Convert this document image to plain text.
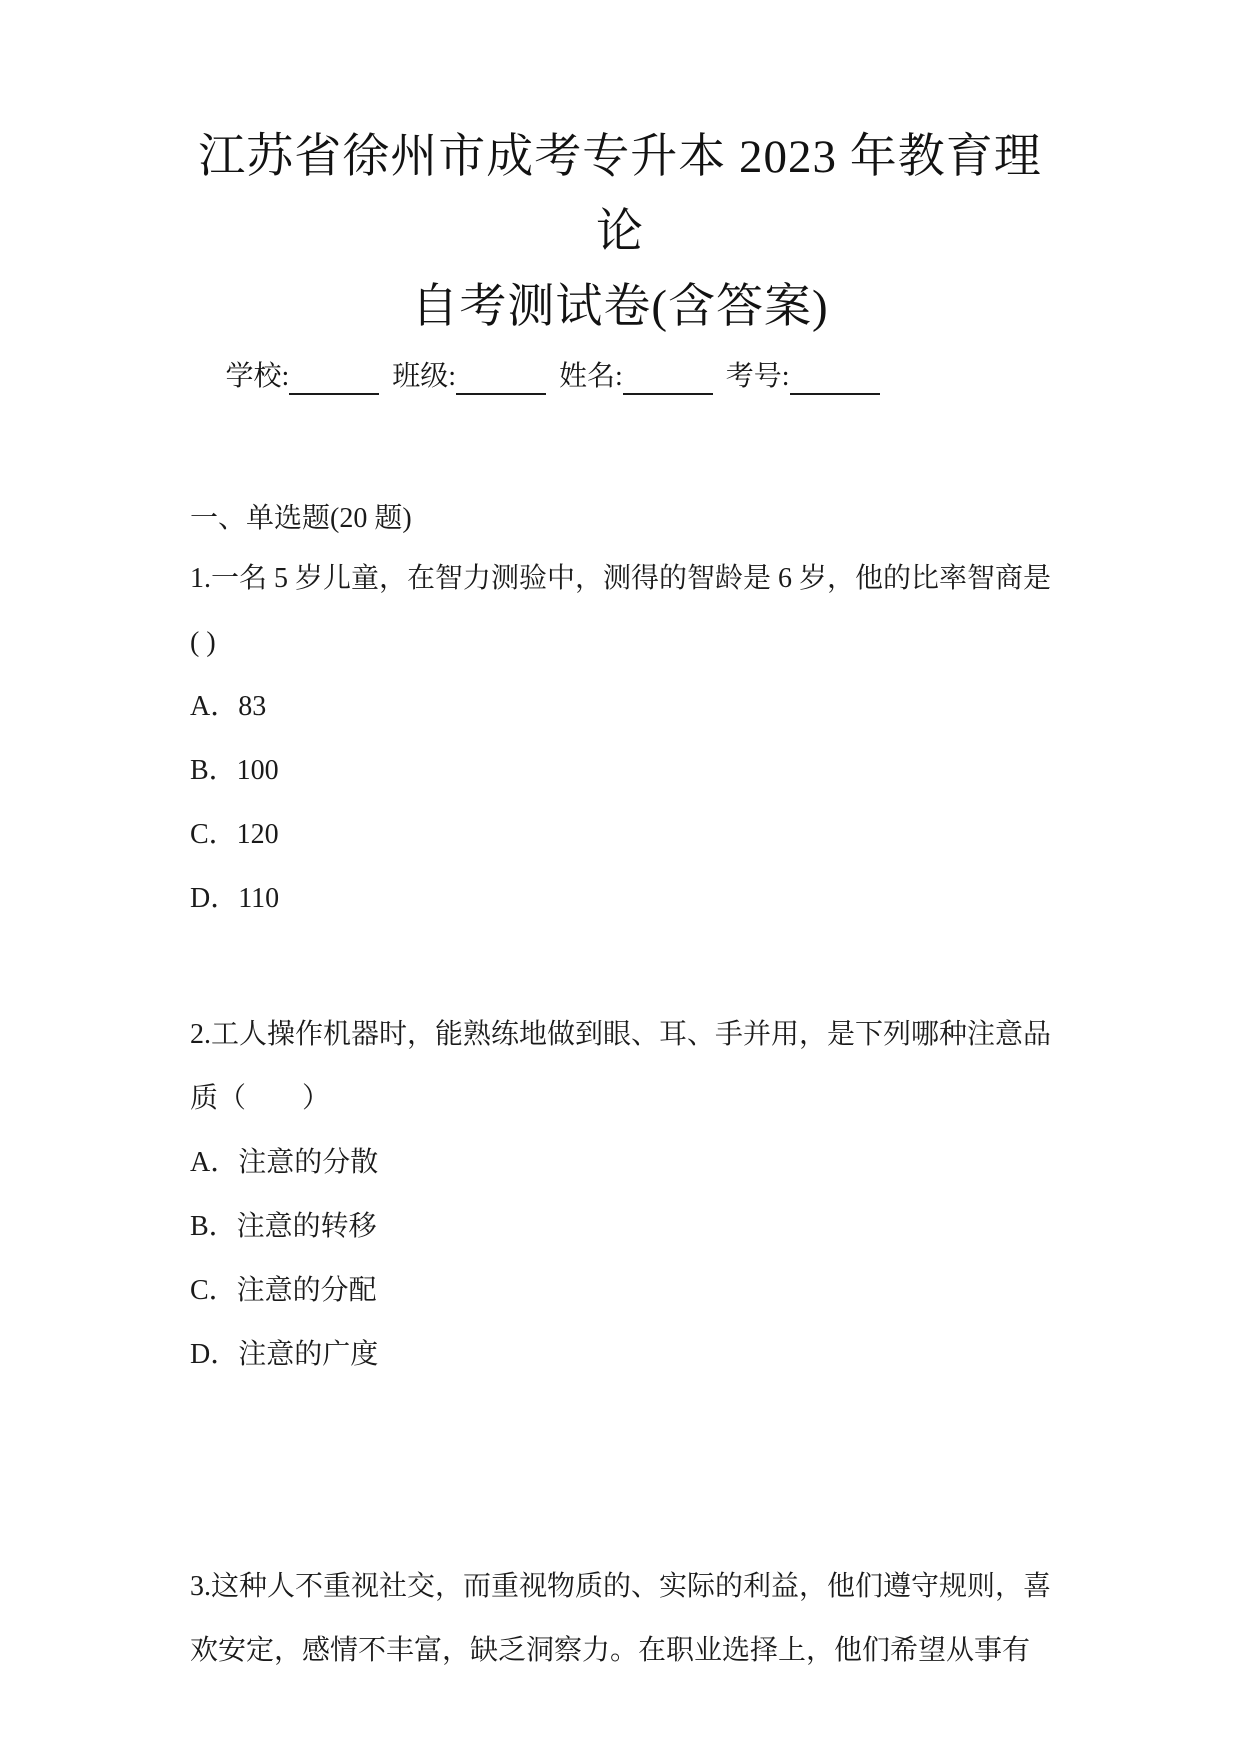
江苏省徐州市成考专升本 2023 年教育理论
自考测试卷(含答案)
学校:	班级:	姓名:	考号:
一、单选题(20 题)
1.一名 5 岁儿童，在智力测验中，测得的智龄是 6 岁，他的比率智商是
( )
A．83
B．100
C．120
D．110
2.工人操作机器时，能熟练地做到眼、耳、手并用，是下列哪种注意品
质（　　）
A．注意的分散
B．注意的转移
C．注意的分配
D．注意的广度
3.这种人不重视社交，而重视物质的、实际的利益，他们遵守规则，喜
欢安定，感情不丰富，缺乏洞察力。在职业选择上，他们希望从事有
